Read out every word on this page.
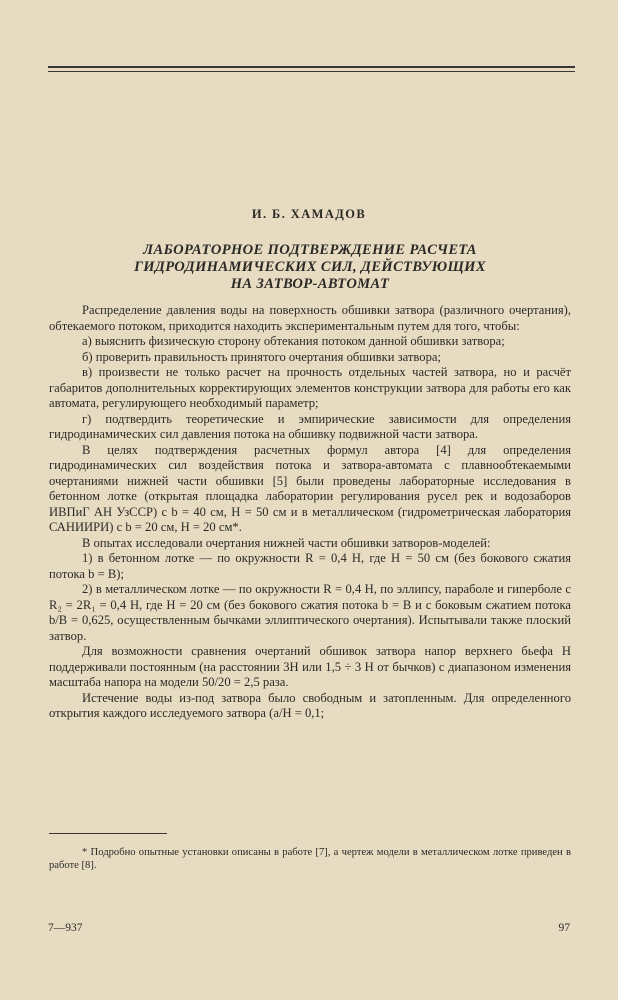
И. Б. ХАМАДОВ
ЛАБОРАТОРНОЕ ПОДТВЕРЖДЕНИЕ РАСЧЕТА
ГИДРОДИНАМИЧЕСКИХ СИЛ, ДЕЙСТВУЮЩИХ
НА ЗАТВОР-АВТОМАТ

Распределение давления воды на поверхность обшивки затвора (различного очертания), обтекаемого потоком, приходится находить экспериментальным путем для того, чтобы:

а) выяснить физическую сторону обтекания потоком данной обшивки затвора;

б) проверить правильность принятого очертания обшивки затвора;

в) произвести не только расчет на прочность отдельных частей затвора, но и расчёт габаритов дополнительных корректирующих элементов конструкции затвора для работы его как автомата, регулирующего необходимый параметр;

г) подтвердить теоретические и эмпирические зависимости для определения гидродинамических сил давления потока на обшивку подвижной части затвора.

В целях подтверждения расчетных формул автора [4] для определения гидродинамических сил воздействия потока и затвора-автомата с плавнообтекаемыми очертаниями нижней части обшивки [5] были проведены лабораторные исследования в бетонном лотке (открытая площадка лаборатории регулирования русел рек и водозаборов ИВПиГ АН УзССР) с b = 40 см, H = 50 см и в металлическом (гидрометрическая лаборатория САНИИРИ) с b = 20 см, H = 20 см*.

В опытах исследовали очертания нижней части обшивки затворов-моделей:

1) в бетонном лотке — по окружности R = 0,4 H, где H = 50 см (без бокового сжатия потока b = B);

2) в металлическом лотке — по окружности R = 0,4 H, по эллипсу, параболе и гиперболе с R₂ = 2R₁ = 0,4 H, где H = 20 см (без бокового сжатия потока b = B и с боковым сжатием потока b/B = 0,625, осуществленным бычками эллиптического очертания). Испытывали также плоский затвор.

Для возможности сравнения очертаний обшивок затвора напор верхнего бьефа H поддерживали постоянным (на расстоянии 3H или 1,5 ÷ 3 H от бычков) с диапазоном изменения масштаба напора на модели 50/20 = 2,5 раза.

Истечение воды из-под затвора было свободным и затопленным. Для определенного открытия каждого исследуемого затвора (a/H = 0,1;

* Подробно опытные установки описаны в работе [7], а чертеж модели в металлическом лотке приведен в работе [8].
7—937	97
